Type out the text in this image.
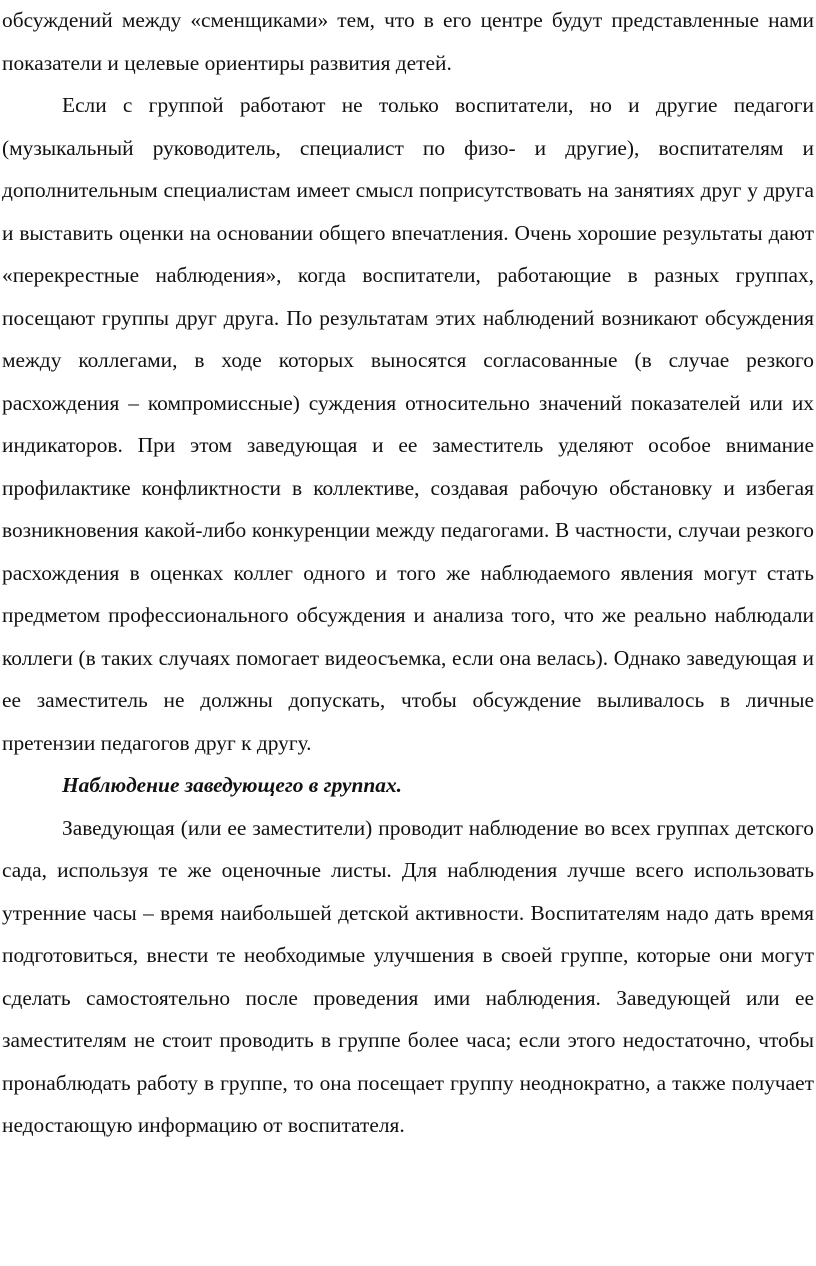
обсуждений между «сменщиками» тем, что в его центре будут представленные нами показатели и целевые ориентиры развития детей.

Если с группой работают не только воспитатели, но и другие педагоги (музыкальный руководитель, специалист по физо- и другие), воспитателям и дополнительным специалистам имеет смысл поприсутствовать на занятиях друг у друга и выставить оценки на основании общего впечатления. Очень хорошие результаты дают «перекрестные наблюдения», когда воспитатели, работающие в разных группах, посещают группы друг друга. По результатам этих наблюдений возникают обсуждения между коллегами, в ходе которых выносятся согласованные (в случае резкого расхождения – компромиссные) суждения относительно значений показателей или их индикаторов. При этом заведующая и ее заместитель уделяют особое внимание профилактике конфликтности в коллективе, создавая рабочую обстановку и избегая возникновения какой-либо конкуренции между педагогами. В частности, случаи резкого расхождения в оценках коллег одного и того же наблюдаемого явления могут стать предметом профессионального обсуждения и анализа того, что же реально наблюдали коллеги (в таких случаях помогает видеосъемка, если она велась). Однако заведующая и ее заместитель не должны допускать, чтобы обсуждение выливалось в личные претензии педагогов друг к другу.

Наблюдение заведующего в группах.

Заведующая (или ее заместители) проводит наблюдение во всех группах детского сада, используя те же оценочные листы. Для наблюдения лучше всего использовать утренние часы – время наибольшей детской активности. Воспитателям надо дать время подготовиться, внести те необходимые улучшения в своей группе, которые они могут сделать самостоятельно после проведения ими наблюдения. Заведующей или ее заместителям не стоит проводить в группе более часа; если этого недостаточно, чтобы пронаблюдать работу в группе, то она посещает группу неоднократно, а также получает недостающую информацию от воспитателя.
